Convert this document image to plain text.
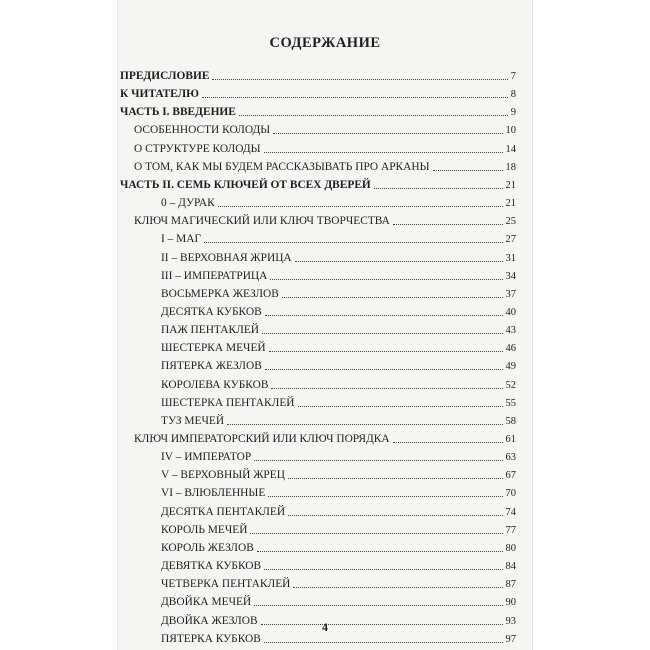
СОДЕРЖАНИЕ
ПРЕДИСЛОВИЕ	7
К ЧИТАТЕЛЮ	8
ЧАСТЬ I. ВВЕДЕНИЕ	9
ОСОБЕННОСТИ КОЛОДЫ	10
О СТРУКТУРЕ КОЛОДЫ	14
О ТОМ, КАК МЫ БУДЕМ РАССКАЗЫВАТЬ ПРО АРКАНЫ	18
ЧАСТЬ II. СЕМЬ КЛЮЧЕЙ ОТ ВСЕХ ДВЕРЕЙ	21
0 – ДУРАК	21
КЛЮЧ МАГИЧЕСКИЙ ИЛИ КЛЮЧ ТВОРЧЕСТВА	25
I – МАГ	27
II – ВЕРХОВНАЯ ЖРИЦА	31
III – ИМПЕРАТРИЦА	34
ВОСЬМЕРКА ЖЕЗЛОВ	37
ДЕСЯТКА КУБКОВ	40
ПАЖ ПЕНТАКЛЕЙ	43
ШЕСТЕРКА МЕЧЕЙ	46
ПЯТЕРКА ЖЕЗЛОВ	49
КОРОЛЕВА КУБКОВ	52
ШЕСТЕРКА ПЕНТАКЛЕЙ	55
ТУЗ МЕЧЕЙ	58
КЛЮЧ ИМПЕРАТОРСКИЙ ИЛИ КЛЮЧ ПОРЯДКА	61
IV – ИМПЕРАТОР	63
V – ВЕРХОВНЫЙ ЖРЕЦ	67
VI – ВЛЮБЛЕННЫЕ	70
ДЕСЯТКА ПЕНТАКЛЕЙ	74
КОРОЛЬ МЕЧЕЙ	77
КОРОЛЬ ЖЕЗЛОВ	80
ДЕВЯТКА КУБКОВ	84
ЧЕТВЕРКА ПЕНТАКЛЕЙ	87
ДВОЙКА МЕЧЕЙ	90
ДВОЙКА ЖЕЗЛОВ	93
ПЯТЕРКА КУБКОВ	97
4
